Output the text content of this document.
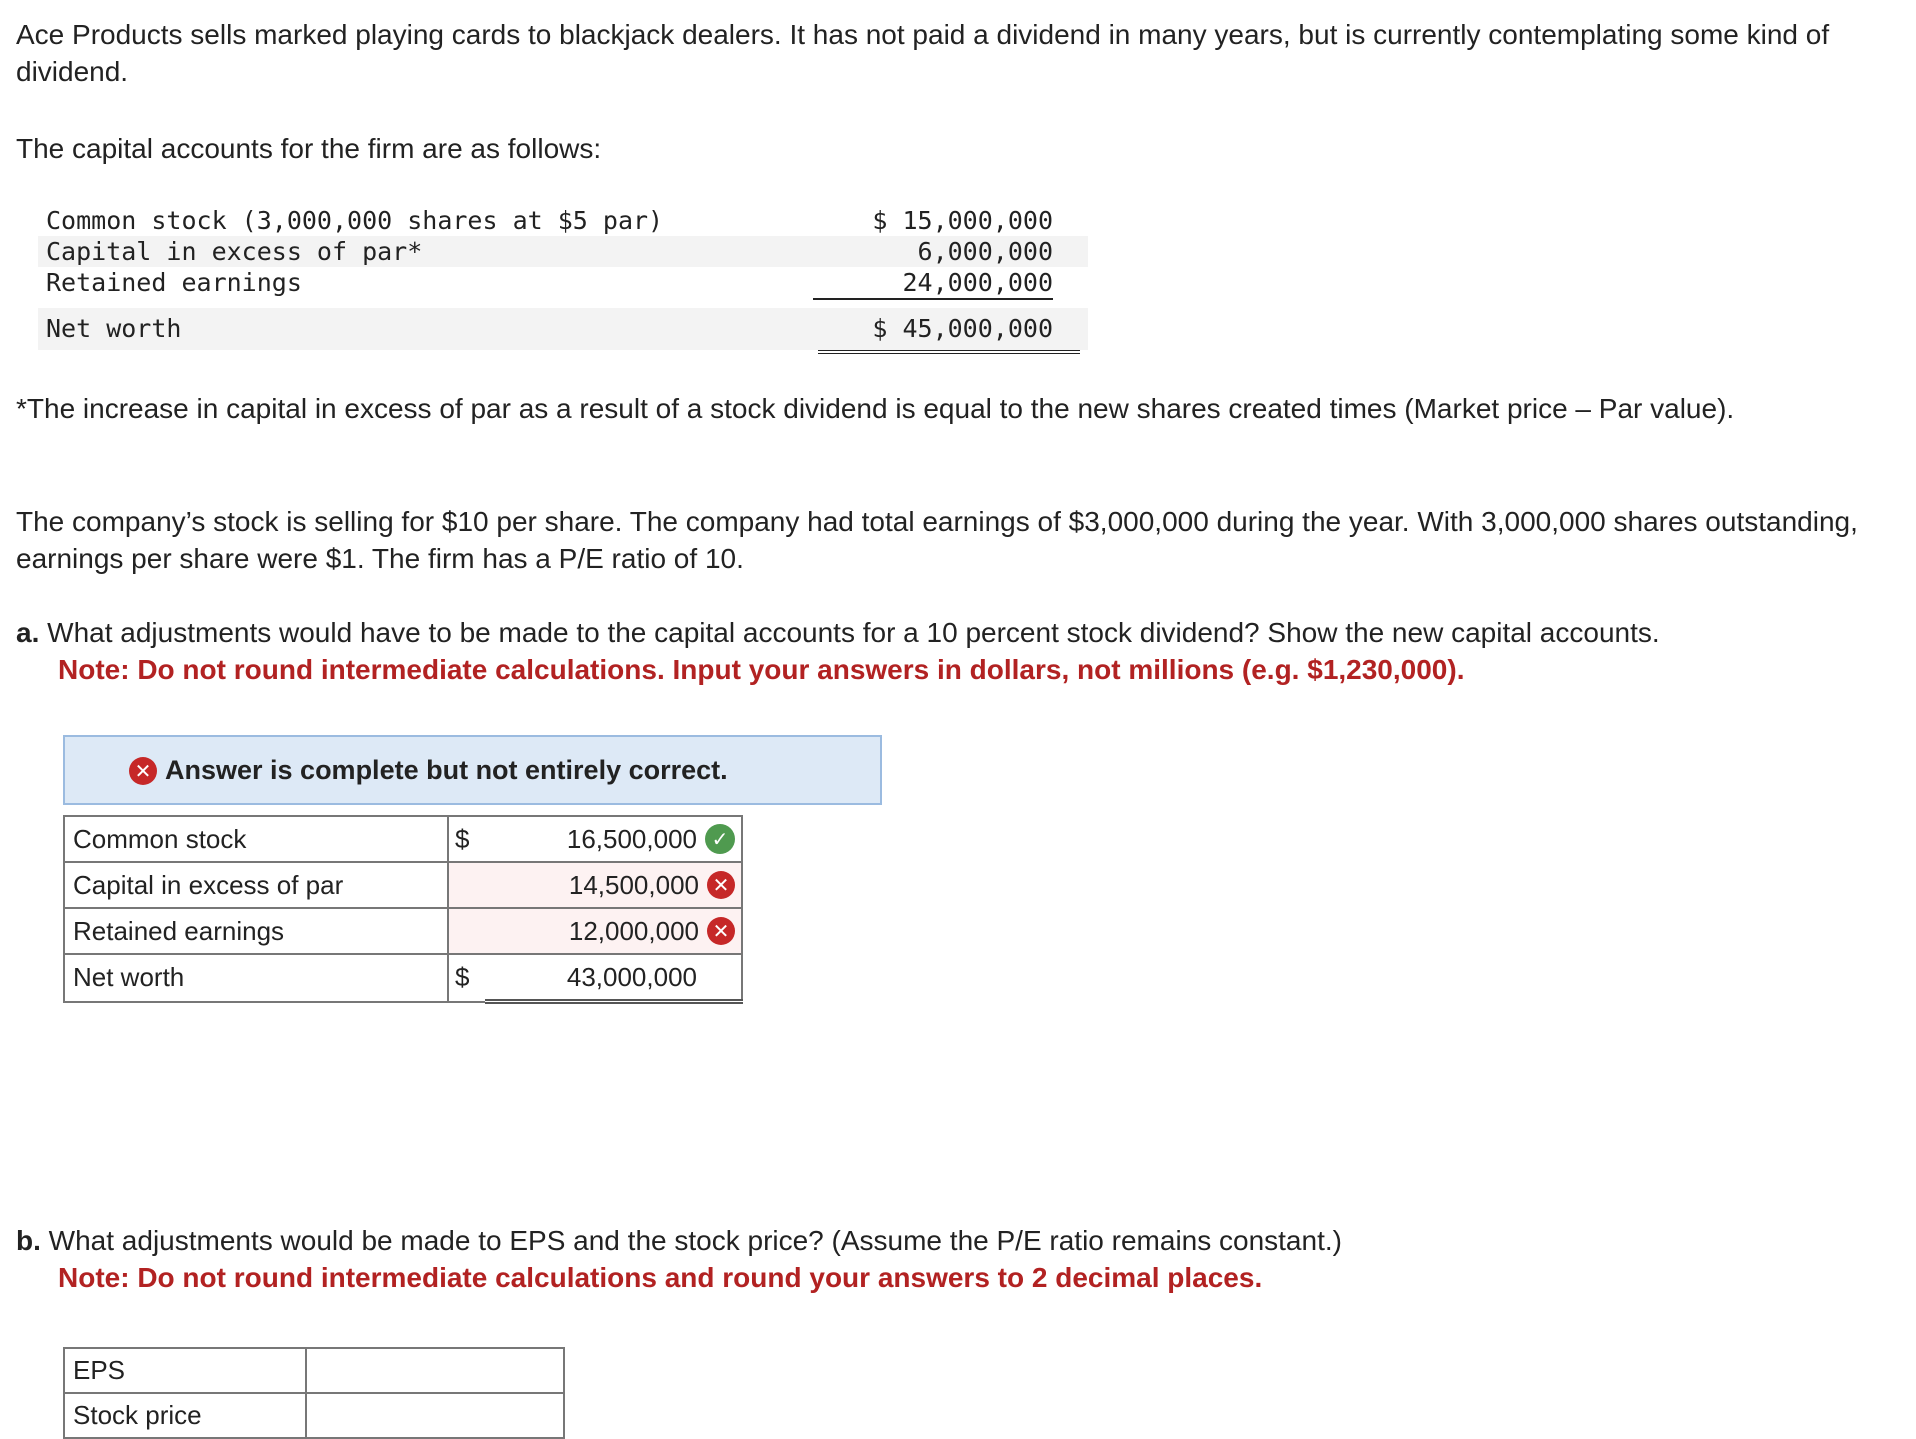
Ace Products sells marked playing cards to blackjack dealers. It has not paid a dividend in many years, but is currently contemplating some kind of dividend.

The capital accounts for the firm are as follows:

Common stock (3,000,000 shares at $5 par)	$ 15,000,000
Capital in excess of par*	6,000,000
Retained earnings	24,000,000
Net worth	$ 45,000,000

*The increase in capital in excess of par as a result of a stock dividend is equal to the new shares created times (Market price – Par value).

The company’s stock is selling for $10 per share. The company had total earnings of $3,000,000 during the year. With 3,000,000 shares outstanding, earnings per share were $1. The firm has a P/E ratio of 10.

a. What adjustments would have to be made to the capital accounts for a 10 percent stock dividend? Show the new capital accounts.
Note: Do not round intermediate calculations. Input your answers in dollars, not millions (e.g. $1,230,000).
✕ Answer is complete but not entirely correct.
Common stock	$	16,500,000 ✓

Capital in excess of par		14,500,000 ✕

Retained earnings		12,000,000 ✕

Net worth	$	43,000,000
b. What adjustments would be made to EPS and the stock price? (Assume the P/E ratio remains constant.)
Note: Do not round intermediate calculations and round your answers to 2 decimal places.
EPS	
Stock price	
